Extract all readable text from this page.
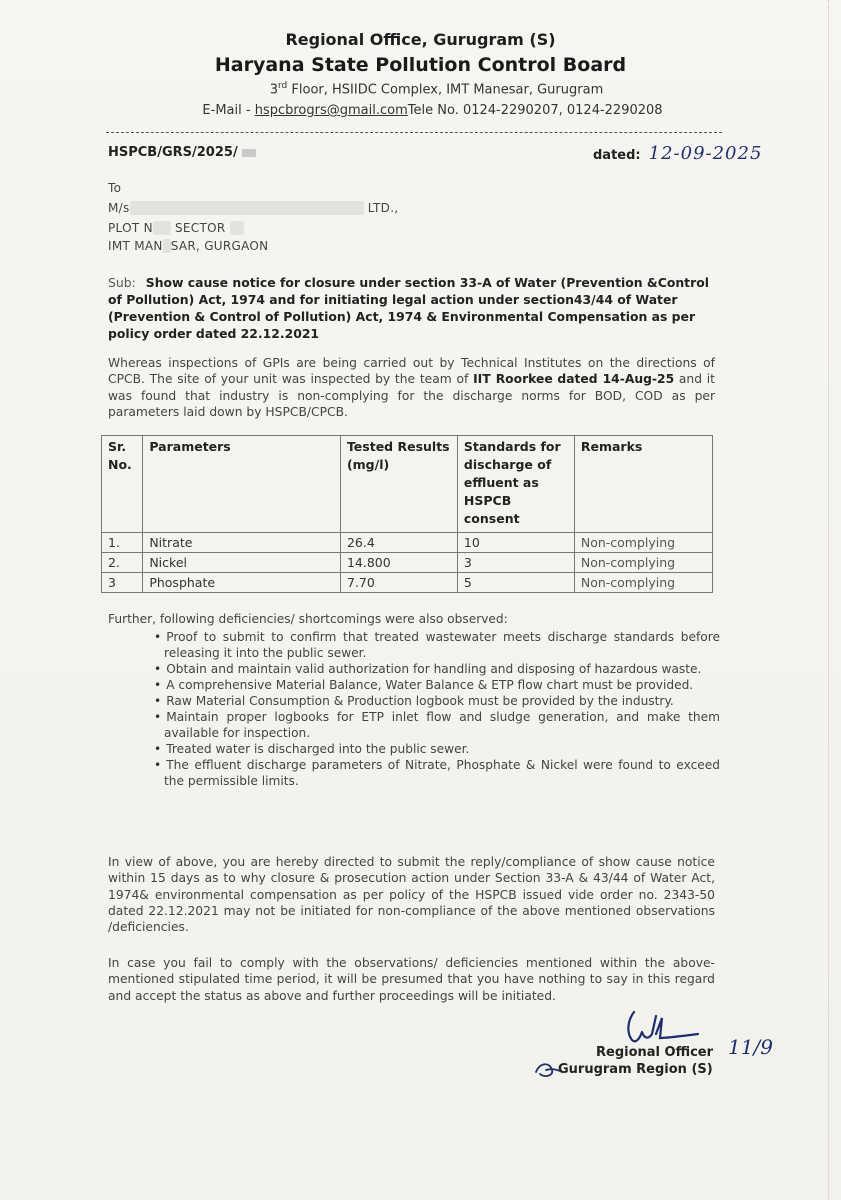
Regional Office, Gurugram (S)
Haryana State Pollution Control Board
3rd Floor, HSIIDC Complex, IMT Manesar, Gurugram
E-Mail - hspcbrogrs@gmail.comTele No. 0124-2290207, 0124-2290208
HSPCB/GRS/2025/	dated: 12-09-2025
To
M/s	LTD.,
PLOT N SECTOR
IMT MAN SAR, GURGAON
Sub: Show cause notice for closure under section 33-A of Water (Prevention &Control of Pollution) Act, 1974 and for initiating legal action under section43/44 of Water (Prevention & Control of Pollution) Act, 1974 & Environmental Compensation as per policy order dated 22.12.2021
Whereas inspections of GPIs are being carried out by Technical Institutes on the directions of CPCB. The site of your unit was inspected by the team of IIT Roorkee dated 14-Aug-25 and it was found that industry is non-complying for the discharge norms for BOD, COD as per parameters laid down by HSPCB/CPCB.
Sr. No.	Parameters	Tested Results (mg/l)	Standards for discharge of effluent as HSPCB consent	Remarks
1.	Nitrate	26.4	10	Non-complying
2.	Nickel	14.800	3	Non-complying
3	Phosphate	7.70	5	Non-complying
Further, following deficiencies/ shortcomings were also observed:
• Proof to submit to confirm that treated wastewater meets discharge standards before releasing it into the public sewer.
• Obtain and maintain valid authorization for handling and disposing of hazardous waste.
• A comprehensive Material Balance, Water Balance & ETP flow chart must be provided.
• Raw Material Consumption & Production logbook must be provided by the industry.
• Maintain proper logbooks for ETP inlet flow and sludge generation, and make them available for inspection.
• Treated water is discharged into the public sewer.
• The effluent discharge parameters of Nitrate, Phosphate & Nickel were found to exceed the permissible limits.
In view of above, you are hereby directed to submit the reply/compliance of show cause notice within 15 days as to why closure & prosecution action under Section 33-A & 43/44 of Water Act, 1974& environmental compensation as per policy of the HSPCB issued vide order no. 2343-50 dated 22.12.2021 may not be initiated for non-compliance of the above mentioned observations /deficiencies.
In case you fail to comply with the observations/ deficiencies mentioned within the above-mentioned stipulated time period, it will be presumed that you have nothing to say in this regard and accept the status as above and further proceedings will be initiated.
Regional Officer
Gurugram Region (S)
11/9
